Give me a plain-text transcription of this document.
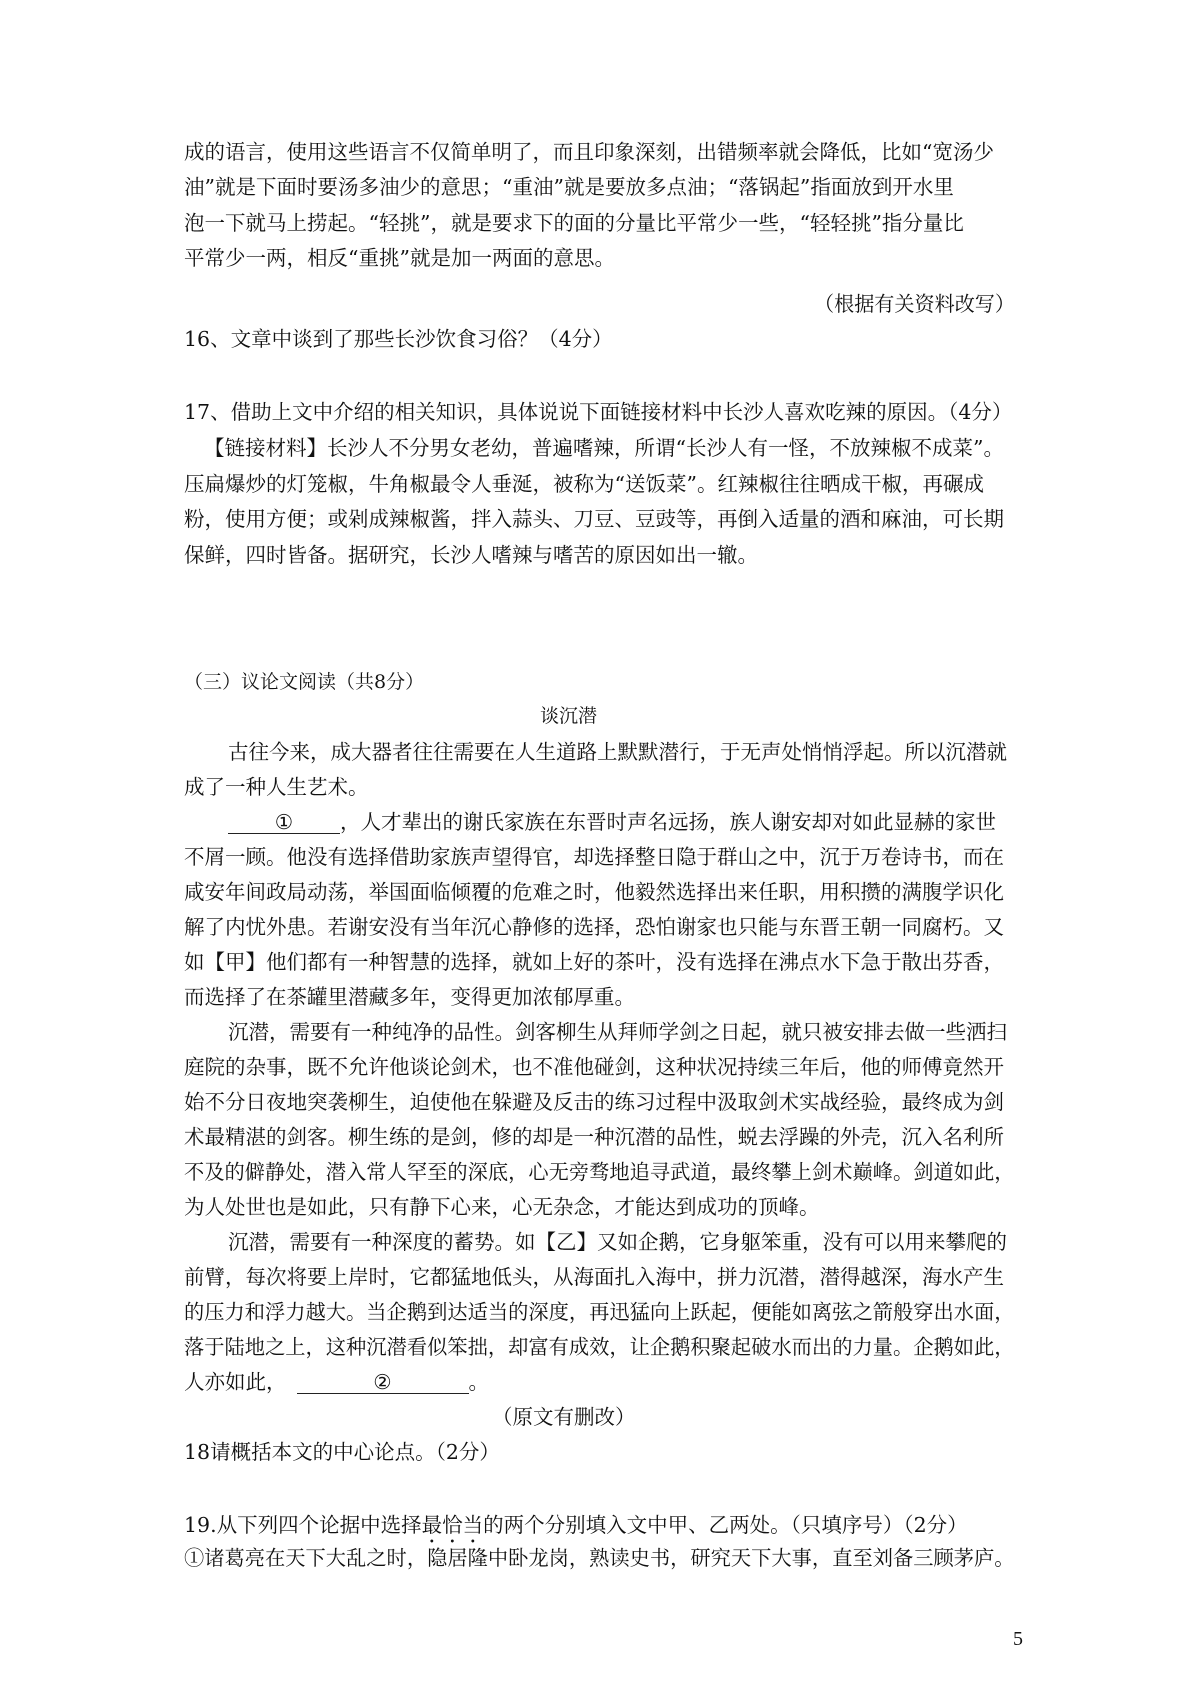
成的语言，使用这些语言不仅简单明了，而且印象深刻，出错频率就会降低，比如“宽汤少
油”就是下面时要汤多油少的意思；“重油”就是要放多点油；“落锅起”指面放到开水里
泡一下就马上捞起。“轻挑”，就是要求下的面的分量比平常少一些，“轻轻挑”指分量比
平常少一两，相反“重挑”就是加一两面的意思。
（根据有关资料改写）
16、文章中谈到了那些长沙饮食习俗？（4分）
17、借助上文中介绍的相关知识，具体说说下面链接材料中长沙人喜欢吃辣的原因。（4分）
【链接材料】长沙人不分男女老幼，普遍嗜辣，所谓“长沙人有一怪，不放辣椒不成菜”。
压扁爆炒的灯笼椒，牛角椒最令人垂涎，被称为“送饭菜”。红辣椒往往晒成干椒，再碾成
粉，使用方便；或剁成辣椒酱，拌入蒜头、刀豆、豆豉等，再倒入适量的酒和麻油，可长期
保鲜，四时皆备。据研究，长沙人嗜辣与嗜苦的原因如出一辙。
（三）议论文阅读（共8分）
谈沉潜
古往今来，成大器者往往需要在人生道路上默默潜行，于无声处悄悄浮起。所以沉潜就
成了一种人生艺术。
① ，人才辈出的谢氏家族在东晋时声名远扬，族人谢安却对如此显赫的家世
不屑一顾。他没有选择借助家族声望得官，却选择整日隐于群山之中，沉于万卷诗书，而在
咸安年间政局动荡，举国面临倾覆的危难之时，他毅然选择出来任职，用积攒的满腹学识化
解了内忧外患。若谢安没有当年沉心静修的选择，恐怕谢家也只能与东晋王朝一同腐朽。又
如【甲】他们都有一种智慧的选择，就如上好的茶叶，没有选择在沸点水下急于散出芬香，
而选择了在茶罐里潜藏多年，变得更加浓郁厚重。
沉潜，需要有一种纯净的品性。剑客柳生从拜师学剑之日起，就只被安排去做一些洒扫
庭院的杂事，既不允许他谈论剑术，也不准他碰剑，这种状况持续三年后，他的师傅竟然开
始不分日夜地突袭柳生，迫使他在躲避及反击的练习过程中汲取剑术实战经验，最终成为剑
术最精湛的剑客。柳生练的是剑，修的却是一种沉潜的品性，蜕去浮躁的外壳，沉入名利所
不及的僻静处，潜入常人罕至的深底，心无旁骛地追寻武道，最终攀上剑术巅峰。剑道如此，
为人处世也是如此，只有静下心来，心无杂念，才能达到成功的顶峰。
沉潜，需要有一种深度的蓄势。如【乙】又如企鹅，它身躯笨重，没有可以用来攀爬的
前臂，每次将要上岸时，它都猛地低头，从海面扎入海中，拼力沉潜，潜得越深，海水产生
的压力和浮力越大。当企鹅到达适当的深度，再迅猛向上跃起，便能如离弦之箭般穿出水面，
落于陆地之上，这种沉潜看似笨拙，却富有成效，让企鹅积聚起破水而出的力量。企鹅如此，
人亦如此，	②	。
（原文有删改）
18请概括本文的中心论点。（2分）
19.从下列四个论据中选择最恰当的两个分别填入文中甲、乙两处。（只填序号）（2分）
①诸葛亮在天下大乱之时，隐居隆中卧龙岗，熟读史书，研究天下大事，直至刘备三顾茅庐。
5
